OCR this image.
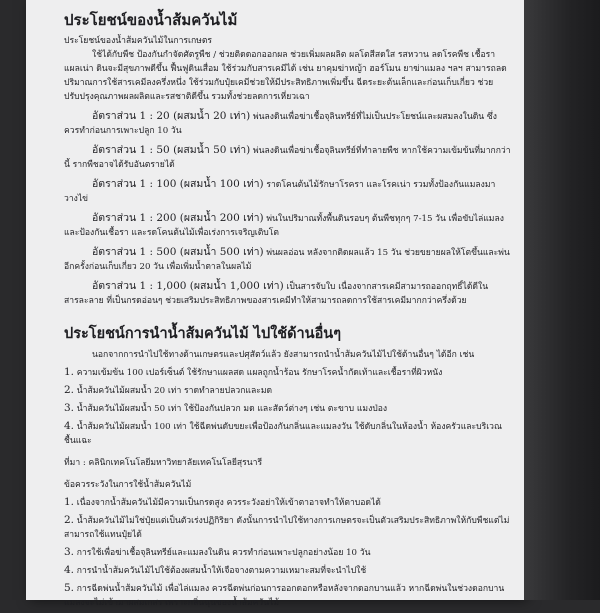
ประโยชน์ของน้ำส้มควันไม้

ประโยชน์ของน้ำส้มควันไม้ในการเกษตร

ใช้ได้กับพืช ป้องกันกำจัดศัตรูพืช / ช่วยติดดอกออกผล ช่วยเพิ่มผลผลิต ผลโตสีสดใส รสหวาน ลดโรคพืช เชื้อรา แผลเน่า ดินจะมีสุขภาพดีขึ้น ฟื้นฟูดินเสื่อม ใช้ร่วมกับสารเคมีได้ เช่น ยาคุมฆ่าหญ้า ฮอร์โมน ยาฆ่าแมลง ฯลฯ สามารถลดปริมาณการใช้สารเคมีลงครึ่งหนึ่ง ใช้ร่วมกับปุ๋ยเคมีช่วยให้มีประสิทธิภาพเพิ่มขึ้น ฉีดระยะต้นเล็กและก่อนเก็บเกี่ยว ช่วยปรับปรุงคุณภาพผลผลิตและรสชาติดีขึ้น รวมทั้งช่วยลดการเหี่ยวเฉา

อัตราส่วน 1 : 20 (ผสมน้ำ 20 เท่า) พ่นลงดินเพื่อฆ่าเชื้อจุลินทรีย์ที่ไม่เป็นประโยชน์และผสมลงในดิน ซึ่งควรทำก่อนการเพาะปลูก 10 วัน

อัตราส่วน 1 : 50 (ผสมน้ำ 50 เท่า) พ่นลงดินเพื่อฆ่าเชื้อจุลินทรีย์ที่ทำลายพืช หากใช้ความเข้มข้นที่มากกว่านี้ รากพืชอาจได้รับอันตรายได้

อัตราส่วน 1 : 100 (ผสมน้ำ 100 เท่า) ราดโคนต้นไม้รักษาโรครา และโรคเน่า รวมทั้งป้องกันแมลงมาวางไข่

อัตราส่วน 1 : 200 (ผสมน้ำ 200 เท่า) พ่นในปริมาณทั้งพื้นดินรอบๆ ต้นพืชทุกๆ 7-15 วัน เพื่อขับไล่แมลงและป้องกันเชื้อรา และรดโคนต้นไม้เพื่อเร่งการเจริญเติบโต

อัตราส่วน 1 : 500 (ผสมน้ำ 500 เท่า) พ่นผลอ่อน หลังจากติดผลแล้ว 15 วัน ช่วยขยายผลให้โตขึ้นและพ่นอีกครั้งก่อนเก็บเกี่ยว 20 วัน เพื่อเพิ่มน้ำตาลในผลไม้

อัตราส่วน 1 : 1,000 (ผสมน้ำ 1,000 เท่า) เป็นสารจับใบ เนื่องจากสารเคมีสามารถออกฤทธิ์ได้ดีในสารละลาย ที่เป็นกรดอ่อนๆ ช่วยเสริมประสิทธิภาพของสารเคมีทำให้สามารถลดการใช้สารเคมีมากกว่าครึ่งด้วย

ประโยชน์การนำน้ำส้มควันไม้ ไปใช้ด้านอื่นๆ

นอกจากการนำไปใช้ทางด้านเกษตรและปศุสัตว์แล้ว ยังสามารถนำน้ำส้มควันไม้ไปใช้ด้านอื่นๆ ได้อีก เช่น

1. ความเข้มข้น 100 เปอร์เซ็นต์ ใช้รักษาแผลสด แผลถูกน้ำร้อน รักษาโรคน้ำกัดเท้าและเชื้อราที่ผิวหนัง
2. น้ำส้มควันไม้ผสมน้ำ 20 เท่า ราดทำลายปลวกและมด
3. น้ำส้มควันไม้ผสมน้ำ 50 เท่า ใช้ป้องกันปลวก มด และสัตว์ต่างๆ เช่น ตะขาบ แมงป่อง
4. น้ำส้มควันไม้ผสมน้ำ 100 เท่า ใช้ฉีดพ่นดับขยะเพื่อป้องกันกลิ่นและแมลงวัน ใช้ดับกลิ่นในห้องน้ำ ห้องครัวและบริเวณชื้นแฉะ

ที่มา : คลินิกเทคโนโลยีมหาวิทยาลัยเทคโนโลยีสุรนารี

ข้อควรระวังในการใช้น้ำส้มควันไม้

1. เนื่องจากน้ำส้มควันไม้มีความเป็นกรดสูง ควรระวังอย่าให้เข้าตาอาจทำให้ตาบอดได้
2. น้ำส้มควันไม้ไม่ใช่ปุ๋ยแต่เป็นตัวเร่งปฏิกิริยา ดังนั้นการนำไปใช้ทางการเกษตรจะเป็นตัวเสริมประสิทธิภาพให้กับพืชแต่ไม่สามารถใช้แทนปุ๋ยได้
3. การใช้เพื่อฆ่าเชื้อจุลินทรีย์และแมลงในดิน ควรทำก่อนเพาะปลูกอย่างน้อย 10 วัน
4. การนำน้ำส้มควันไม้ไปใช้ต้องผสมน้ำให้เจือจางตามความเหมาะสมที่จะนำไปใช้
5. การฉีดพ่นน้ำส้มควันไม้ เพื่อไล่แมลง ควรฉีดพ่นก่อนการออกดอกหรือหลังจากดอกบานแล้ว หากฉีดพ่นในช่วงดอกบาน แมลงจะไม่เข้ามาผสมเกสร เพราะกลิ่นฉุนของน้ำส้มควันไม้
